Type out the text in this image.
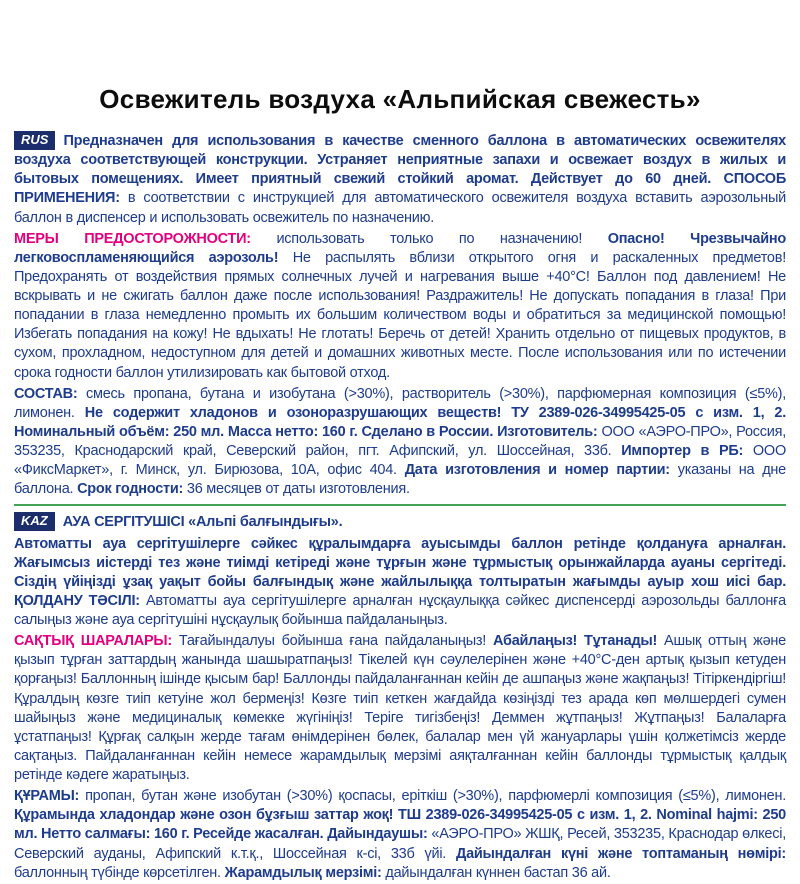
Освежитель воздуха «Альпийская свежесть»

RUS Предназначен для использования в качестве сменного баллона в автоматических освежителях воздуха соответствующей конструкции. Устраняет неприятные запахи и освежает воздух в жилых и бытовых помещениях. Имеет приятный свежий стойкий аромат. Действует до 60 дней. СПОСОБ ПРИМЕНЕНИЯ: в соответствии с инструкцией для автоматического освежителя воздуха вставить аэрозольный баллон в диспенсер и использовать освежитель по назначению.

МЕРЫ ПРЕДОСТОРОЖНОСТИ: использовать только по назначению! Опасно! Чрезвычайно легковоспламеняющийся аэрозоль! Не распылять вблизи открытого огня и раскаленных предметов! Предохранять от воздействия прямых солнечных лучей и нагревания выше +40°С! Баллон под давлением! Не вскрывать и не сжигать баллон даже после использования! Раздражитель! Не допускать попадания в глаза! При попадании в глаза немедленно промыть их большим количеством воды и обратиться за медицинской помощью! Избегать попадания на кожу! Не вдыхать! Не глотать! Беречь от детей! Хранить отдельно от пищевых продуктов, в сухом, прохладном, недоступном для детей и домашних животных месте. После использования или по истечении срока годности баллон утилизировать как бытовой отход.

СОСТАВ: смесь пропана, бутана и изобутана (>30%), растворитель (>30%), парфюмерная композиция (≤5%), лимонен. Не содержит хладонов и озоноразрушающих веществ! ТУ 2389-026-34995425-05 с изм. 1, 2. Номинальный объём: 250 мл. Масса нетто: 160 г. Сделано в России. Изготовитель: ООО «АЭРО-ПРО», Россия, 353235, Краснодарский край, Северский район, пгт. Афипский, ул. Шоссейная, 33б. Импортер в РБ: ООО «ФиксМаркет», г. Минск, ул. Бирюзова, 10А, офис 404. Дата изготовления и номер партии: указаны на дне баллона. Срок годности: 36 месяцев от даты изготовления.

KAZ АУА СЕРГІТУШІСІ «Альпі балғындығы».

Автоматты ауа сергітушілерге сәйкес құралымдарға ауысымды баллон ретінде қолдануға арналған. Жағымсыз иістерді тез және тиімді кетіреді және тұрғын және тұрмыстық орынжайларда ауаны сергітеді. Сіздің үйіңізді ұзақ уақыт бойы балғындық және жайлылыққа толтыратын жағымды ауыр хош иісі бар. ҚОЛДАНУ ТӘСІЛІ: Автоматты ауа сергітушілерге арналған нұсқаулыққа сәйкес диспенсерді аэрозольды баллонға салыңыз және ауа сергітушіні нұсқаулық бойынша пайдаланыңыз.

САҚТЫҚ ШАРАЛАРЫ: Тағайындалуы бойынша ғана пайдаланыңыз! Абайлаңыз! Тұтанады! Ашық оттың және қызып тұрған заттардың жанында шашыратпаңыз! Тікелей күн сәулелерінен және +40°С-ден артық қызып кетуден қорғаңыз! Баллонның ішінде қысым бар! Баллонды пайдаланғаннан кейін де ашпаңыз және жақпаңыз! Тітіркендіргіш! Құралдың көзге тиіп кетуіне жол бермеңіз! Көзге тиіп кеткен жағдайда көзіңізді тез арада көп мөлшердегі сумен шайыңыз және медициналық көмекке жүгініңіз! Теріге тигізбеңіз! Деммен жұтпаңыз! Жұтпаңыз! Балаларға ұстатпаңыз! Құрғақ салқын жерде тағам өнімдерінен бөлек, балалар мен үй жануарлары үшін қолжетімсіз жерде сақтаңыз. Пайдаланғаннан кейін немесе жарамдылық мерзімі аяқталғаннан кейін баллонды тұрмыстық қалдық ретінде кәдеге жаратыңыз.

ҚҰРАМЫ: пропан, бутан және изобутан (>30%) қоспасы, еріткіш (>30%), парфюмерлі композиция (≤5%), лимонен. Құрамында хладондар және озон бұзғыш заттар жоқ! ТШ 2389-026-34995425-05 с изм. 1, 2. Nominal hajmi: 250 мл. Нетто салмағы: 160 г. Ресейде жасалған. Дайындаушы: «АЭРО-ПРО» ЖШҚ, Ресей, 353235, Краснодар өлкесі, Северский ауданы, Афипский к.т.қ., Шоссейная к-сі, 33б үйі. Дайындалған күні және топтаманың нөмірі: баллонның түбінде көрсетілген. Жарамдылық мерзімі: дайындалған күннен бастап 36 ай.
